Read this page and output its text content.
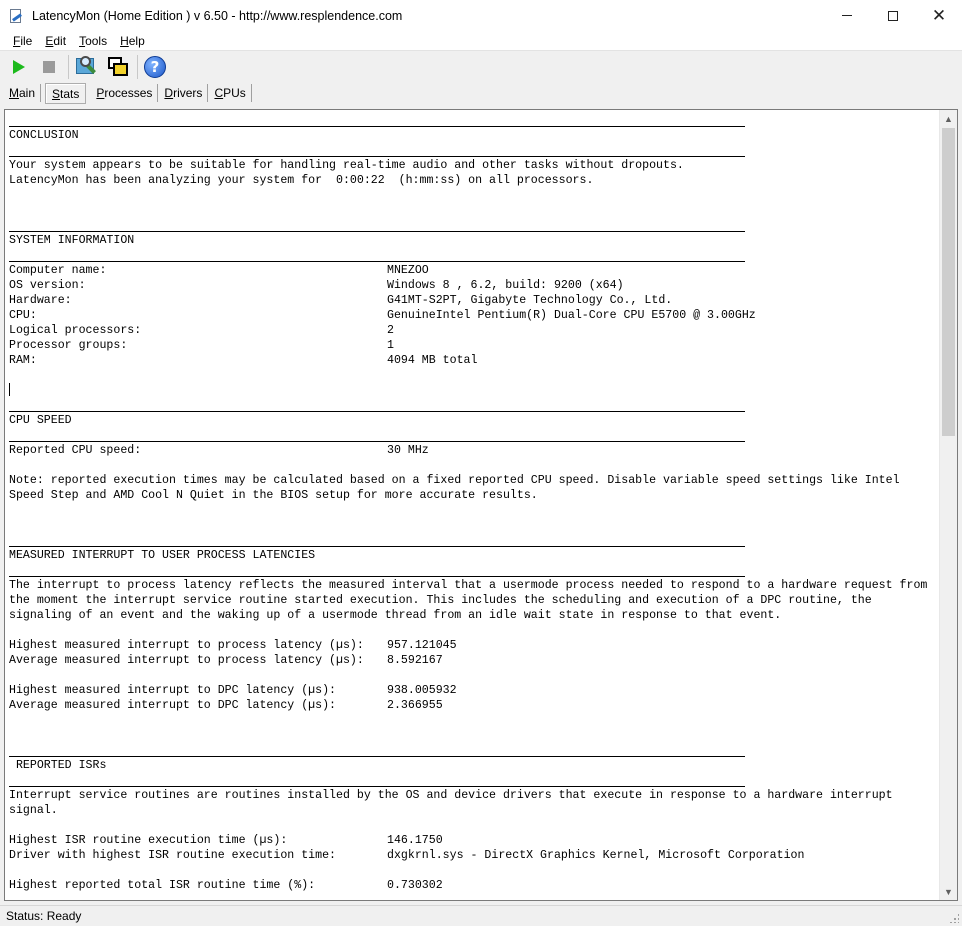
LatencyMon (Home Edition ) v 6.50 - http://www.resplendence.com	✕
File	Edit	Tools	Help
?
M ain S tats P rocesses D rivers C PUs
CONCLUSION
Your system appears to be suitable for handling real-time audio and other tasks without dropouts.
LatencyMon has been analyzing your system for  0:00:22  (h:mm:ss) on all processors.
SYSTEM INFORMATION
Computer name:	MNEZOO
OS version:	Windows 8 , 6.2, build: 9200 (x64)
Hardware:	G41MT-S2PT, Gigabyte Technology Co., Ltd.
CPU:	GenuineIntel Pentium(R) Dual-Core CPU E5700 @ 3.00GHz
Logical processors:	2
Processor groups:	1
RAM:	4094 MB total
CPU SPEED
Reported CPU speed:	30 MHz
Note: reported execution times may be calculated based on a fixed reported CPU speed. Disable variable speed settings like Intel
Speed Step and AMD Cool N Quiet in the BIOS setup for more accurate results.
MEASURED INTERRUPT TO USER PROCESS LATENCIES
The interrupt to process latency reflects the measured interval that a usermode process needed to respond to a hardware request from
the moment the interrupt service routine started execution. This includes the scheduling and execution of a DPC routine, the
signaling of an event and the waking up of a usermode thread from an idle wait state in response to that event.
Highest measured interrupt to process latency (µs):	957.121045
Average measured interrupt to process latency (µs):	8.592167
Highest measured interrupt to DPC latency (µs):	938.005932
Average measured interrupt to DPC latency (µs):	2.366955
REPORTED ISRs
Interrupt service routines are routines installed by the OS and device drivers that execute in response to a hardware interrupt
signal.
Highest ISR routine execution time (µs):	146.1750
Driver with highest ISR routine execution time:	dxgkrnl.sys - DirectX Graphics Kernel, Microsoft Corporation
Highest reported total ISR routine time (%):	0.730302
▲
▼
Status: Ready
